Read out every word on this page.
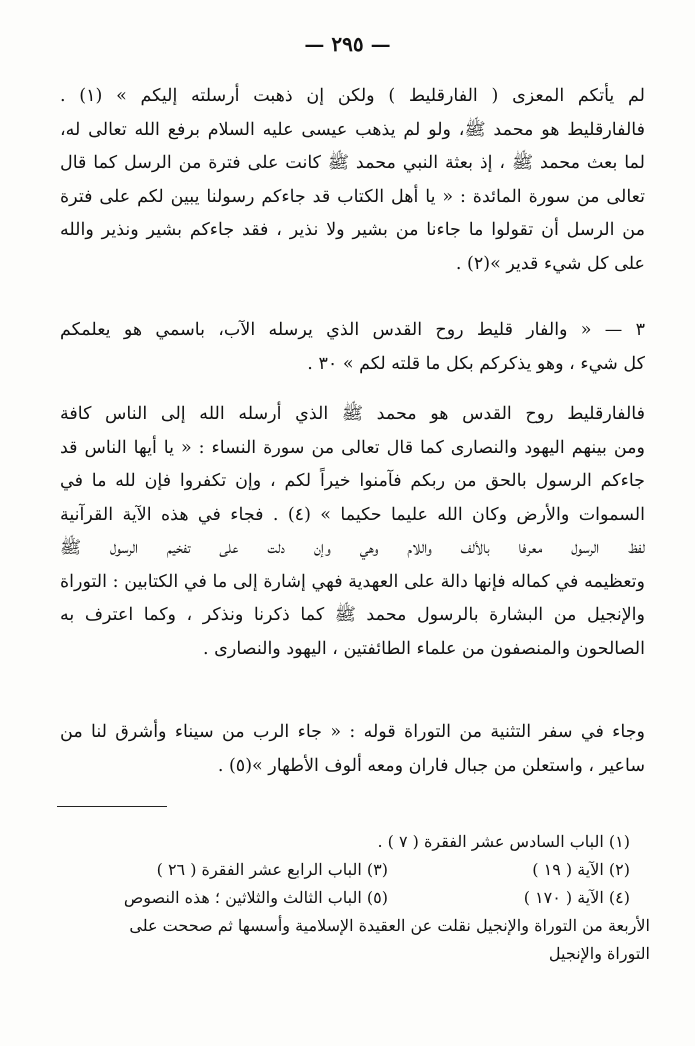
— ٢٩٥ —
لم يأتكم المعزى ( الفارقليط ) ولكن إن ذهبت أرسلته إليكم » (١) .
فالفارقليط هو محمد ﷺ، ولو لم يذهب عيسى عليه السلام برفع الله تعالى له،
لما بعث محمد ﷺ ، إذ بعثة النبي محمد ﷺ كانت على فترة من الرسل كما قال
تعالى من سورة المائدة : « يا أهل الكتاب قد جاءكم رسولنا يبين لكم على فترة
من الرسل أن تقولوا ما جاءنا من بشير ولا نذير ، فقد جاءكم بشير ونذير والله
على كل شيء قدير »(٢) .
٣ — « والفار قليط روح القدس الذي يرسله الآب، باسمي هو يعلمكم
كل شيء ، وهو يذكركم بكل ما قلته لكم » ٣٠ .
فالفارقليط روح القدس هو محمد ﷺ الذي أرسله الله إلى الناس كافة
ومن بينهم اليهود والنصارى كما قال تعالى من سورة النساء : « يا أيها الناس قد
جاءكم الرسول بالحق من ربكم فآمنوا خيراً لكم ، وإن تكفروا فإن لله ما في
السموات والأرض وكان الله عليما حكيما » (٤) . فجاء في هذه الآية القرآنية
لفظ الرسول معرفا بالألف واللام وهي وإن دلت على تفخيم الرسول ﷺ
وتعظيمه في كماله فإنها دالة على العهدية فهي إشارة إلى ما في الكتابين : التوراة
والإنجيل من البشارة بالرسول محمد ﷺ كما ذكرنا ونذكر ، وكما اعترف به
الصالحون والمنصفون من علماء الطائفتين ، اليهود والنصارى .
وجاء في سفر التثنية من التوراة قوله : « جاء الرب من سيناء وأشرق لنا من
ساعير ، واستعلن من جبال فاران ومعه ألوف الأطهار »(٥) .
(١) الباب السادس عشر الفقرة ( ٧ ) .
(٢) الآية ( ١٩ )
(٣) الباب الرابع عشر الفقرة ( ٢٦ )
(٤) الآية ( ١٧٠ )
(٥) الباب الثالث والثلاثين ؛ هذه النصوص
الأربعة من التوراة والإنجيل نقلت عن العقيدة الإسلامية وأسسها ثم صححت على
التوراة والإنجيل
